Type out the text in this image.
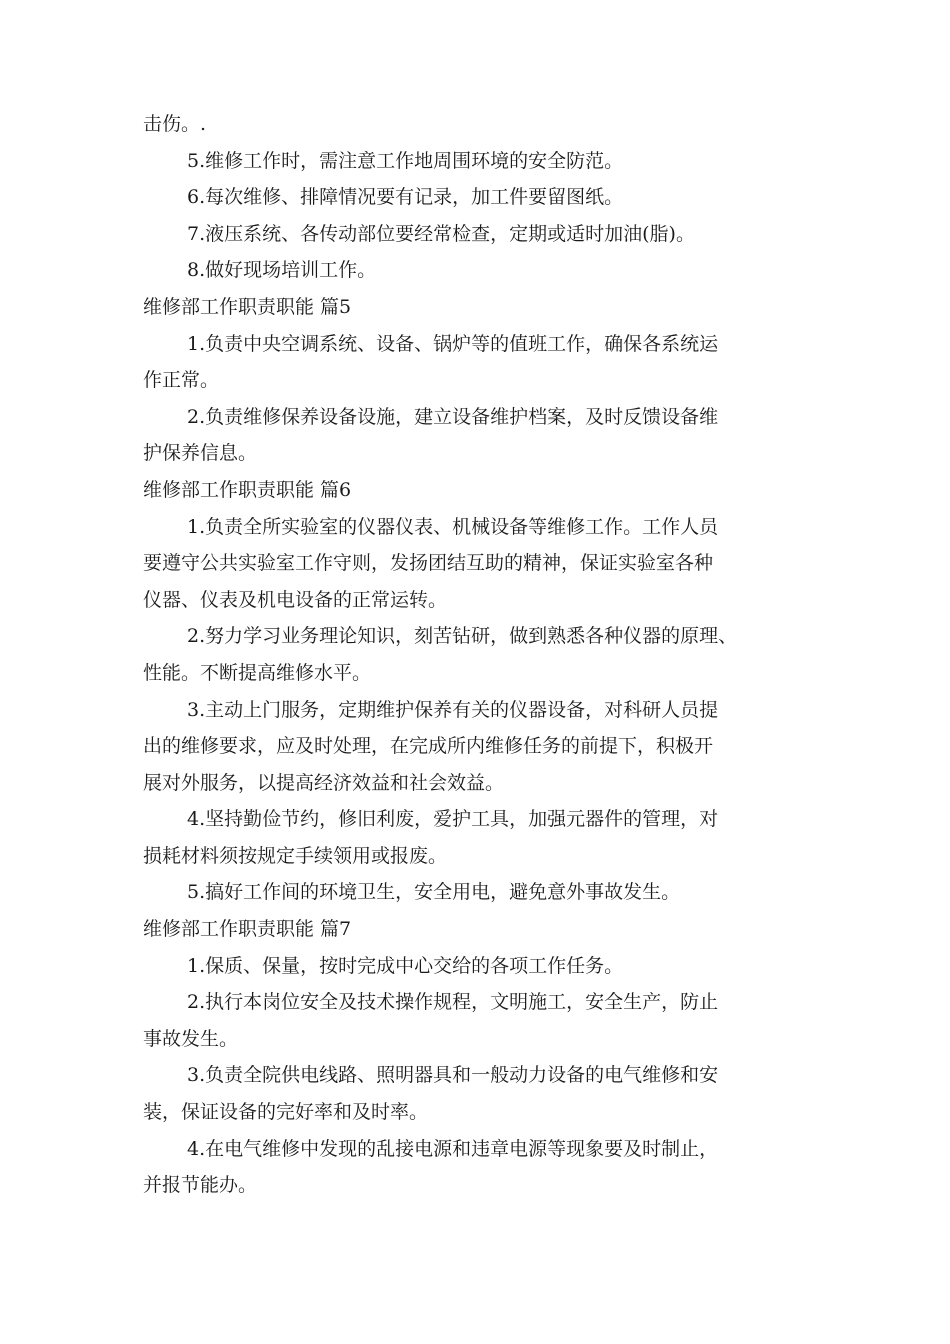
击伤。.
5.维修工作时，需注意工作地周围环境的安全防范。
6.每次维修、排障情况要有记录，加工件要留图纸。
7.液压系统、各传动部位要经常检查，定期或适时加油(脂)。
8.做好现场培训工作。
维修部工作职责职能 篇5
1.负责中央空调系统、设备、锅炉等的值班工作，确保各系统运
作正常。
2.负责维修保养设备设施，建立设备维护档案，及时反馈设备维
护保养信息。
维修部工作职责职能 篇6
1.负责全所实验室的仪器仪表、机械设备等维修工作。工作人员
要遵守公共实验室工作守则，发扬团结互助的精神，保证实验室各种
仪器、仪表及机电设备的正常运转。
2.努力学习业务理论知识，刻苦钻研，做到熟悉各种仪器的原理、
性能。不断提高维修水平。
3.主动上门服务，定期维护保养有关的仪器设备，对科研人员提
出的维修要求，应及时处理，在完成所内维修任务的前提下，积极开
展对外服务，以提高经济效益和社会效益。
4.坚持勤俭节约，修旧利废，爱护工具，加强元器件的管理，对
损耗材料须按规定手续领用或报废。
5.搞好工作间的环境卫生，安全用电，避免意外事故发生。
维修部工作职责职能 篇7
1.保质、保量，按时完成中心交给的各项工作任务。
2.执行本岗位安全及技术操作规程，文明施工，安全生产，防止
事故发生。
3.负责全院供电线路、照明器具和一般动力设备的电气维修和安
装，保证设备的完好率和及时率。
4.在电气维修中发现的乱接电源和违章电源等现象要及时制止，
并报节能办。
